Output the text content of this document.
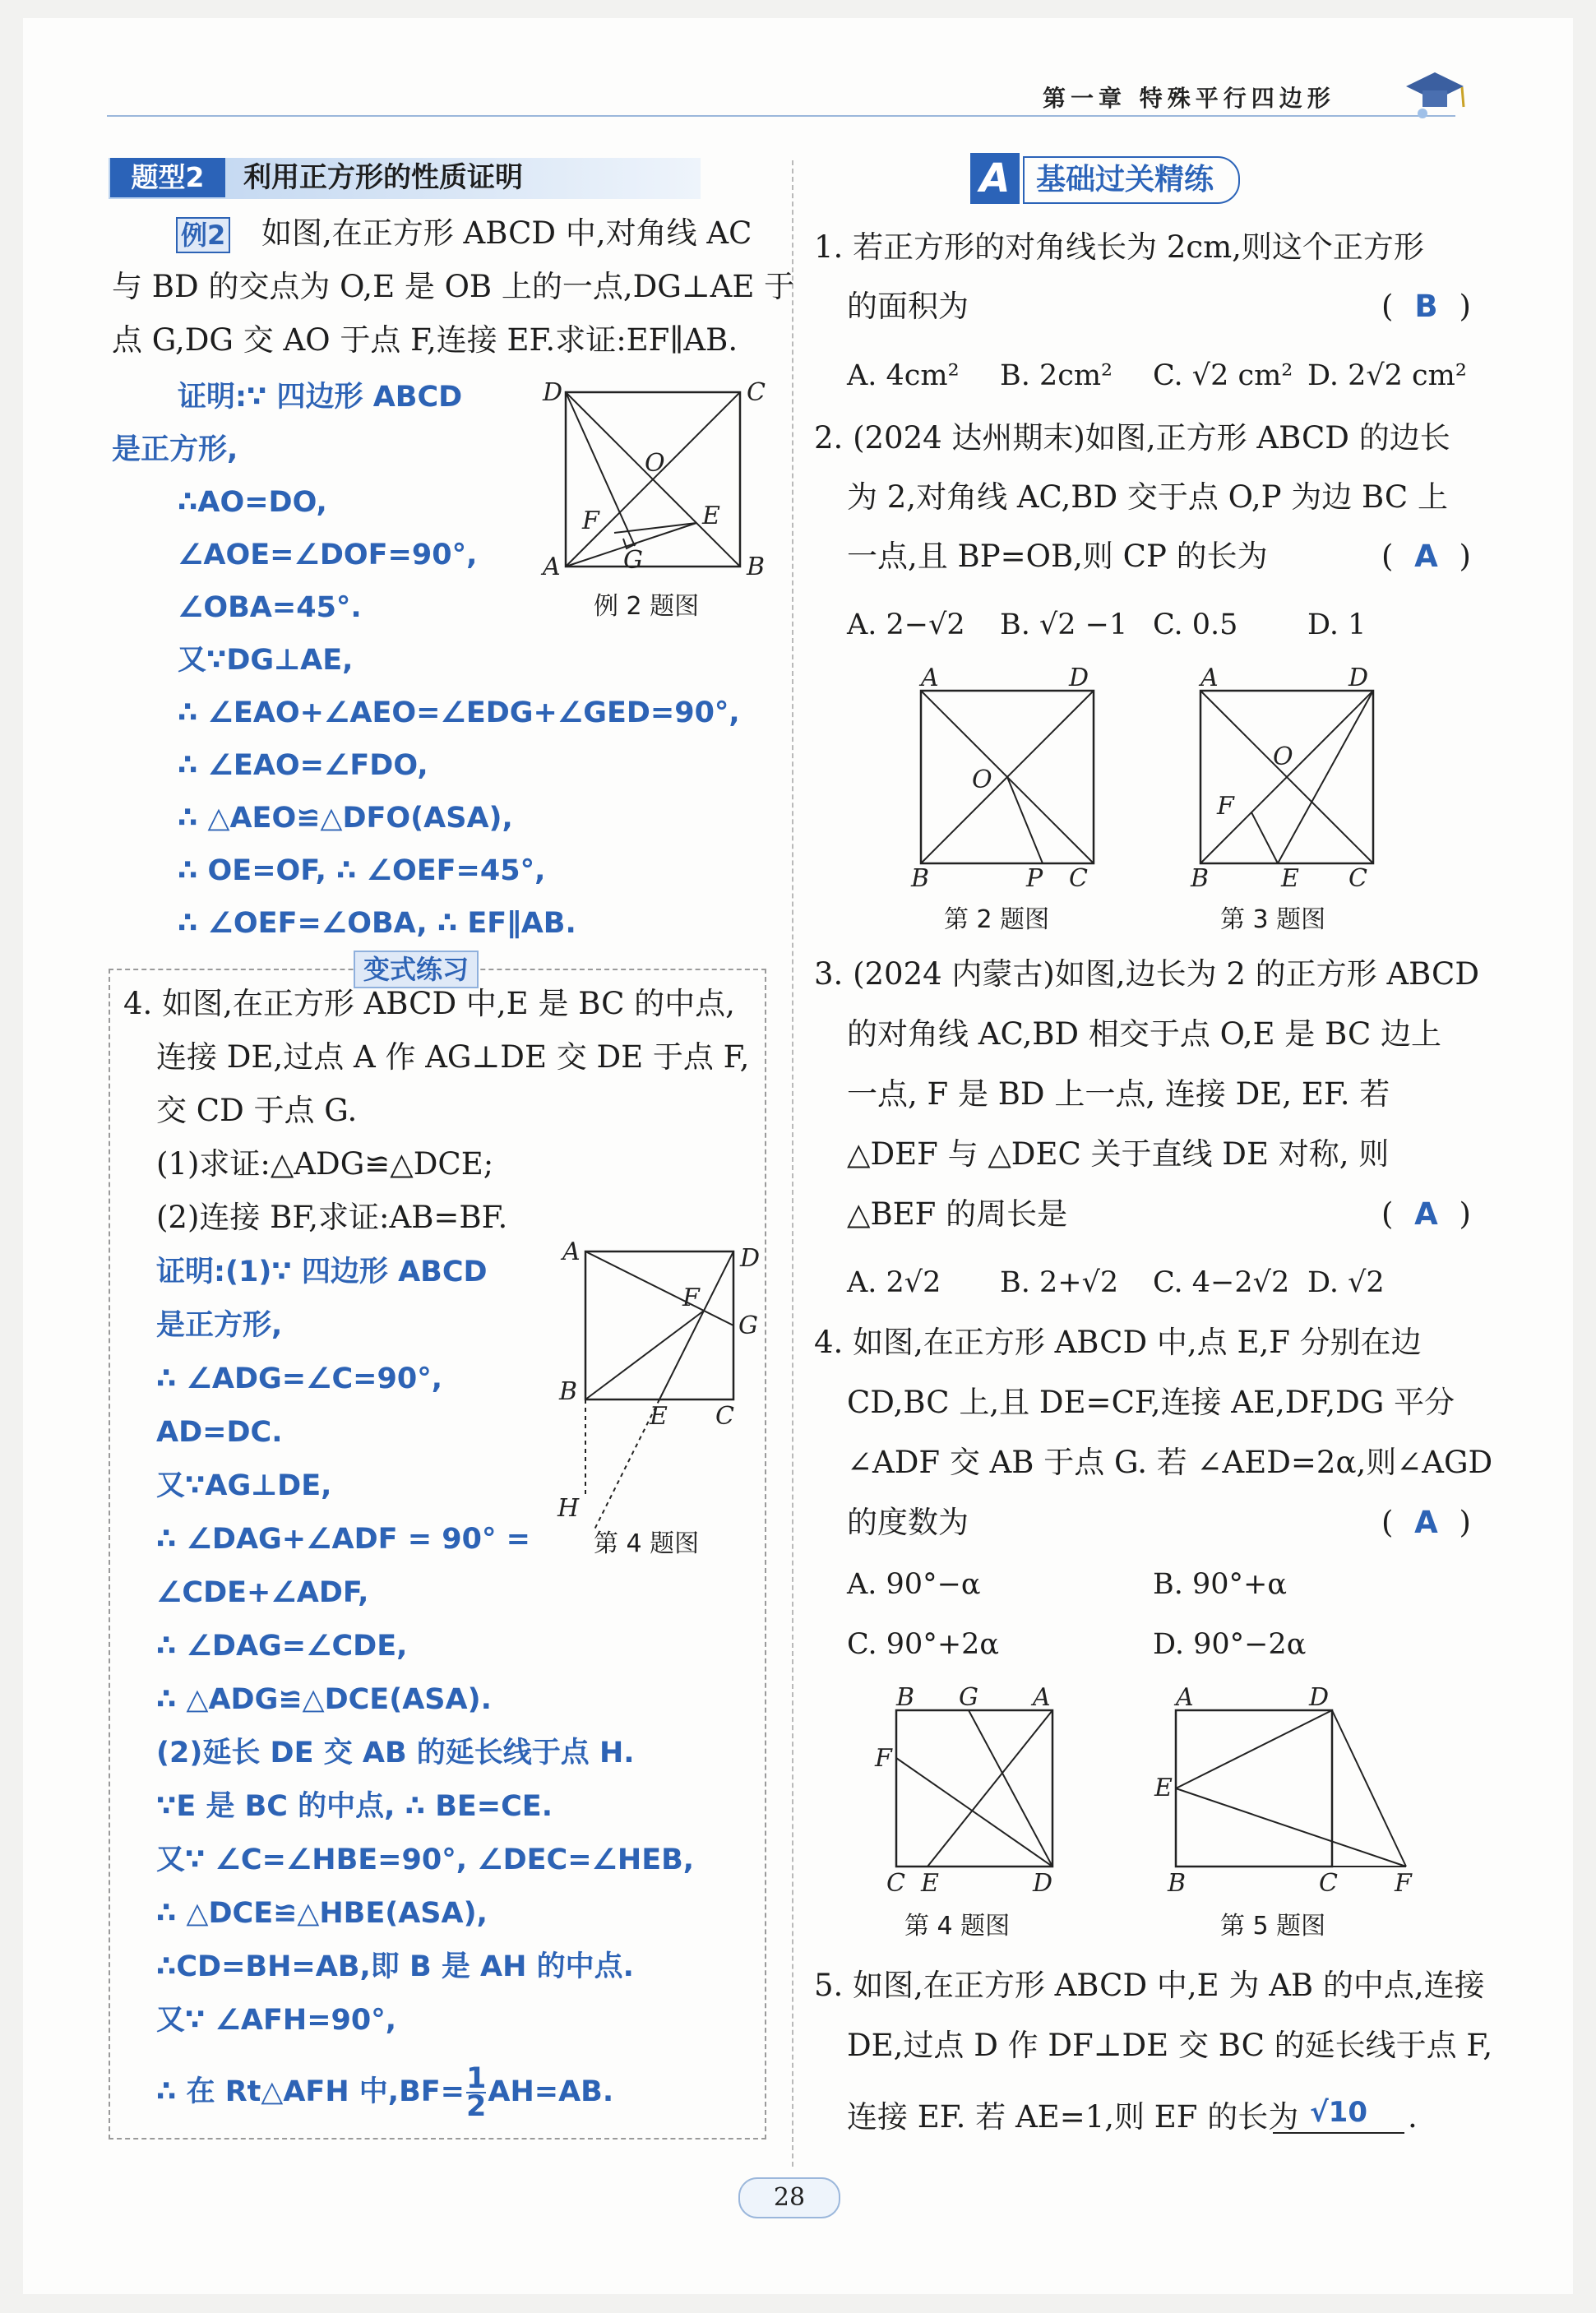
第一章 特殊平行四边形
题型2	利用正方形的性质证明
例2 如图,在正方形 ABCD 中,对角线 AC
与 BD 的交点为 O,E 是 OB 上的一点,DG⊥AE 于
点 G,DG 交 AO 于点 F,连接 EF.求证:EF∥AB.
证明:∵ 四边形 ABCD
是正方形,
∴AO=DO,
∠AOE=∠DOF=90°,
∠OBA=45°.
又∵DG⊥AE,
∴ ∠EAO+∠AEO=∠EDG+∠GED=90°,
∴ ∠EAO=∠FDO,
∴ △AEO≌△DFO(ASA),
∴ OE=OF, ∴ ∠OEF=45°,
∴ ∠OEF=∠OBA, ∴ EF∥AB.
D	C
O
F	E
A	G	B
例 2 题图
变式练习
4. 如图,在正方形 ABCD 中,E 是 BC 的中点,
连接 DE,过点 A 作 AG⊥DE 交 DE 于点 F,
交 CD 于点 G.
(1)求证:△ADG≌△DCE;
(2)连接 BF,求证:AB=BF.
证明:(1)∵ 四边形 ABCD
是正方形,
∴ ∠ADG=∠C=90°,
AD=DC.
又∵AG⊥DE,
∴ ∠DAG+∠ADF = 90° =
∠CDE+∠ADF,
∴ ∠DAG=∠CDE,
∴ △ADG≌△DCE(ASA).
(2)延长 DE 交 AB 的延长线于点 H.
∵E 是 BC 的中点, ∴ BE=CE.
又∵ ∠C=∠HBE=90°, ∠DEC=∠HEB,
∴ △DCE≌△HBE(ASA),
∴CD=BH=AB,即 B 是 AH 的中点.
又∵ ∠AFH=90°,
∴ 在 Rt△AFH 中$,BF= \frac{1}{2} AH=AB$.
A	D
F
G
B
E C
H
第 4 题图
A 基础过关精练
1. 若正方形的对角线长为 2cm,则这个正方形
的面积为	( B )
A. 4cm² B. 2cm² C. √2 cm² D. 2√2 cm²
2. (2024 达州期末)如图,正方形 ABCD 的边长
为 2,对角线 AC,BD 交于点 O,P 为边 BC 上
一点,且 BP=OB,则 CP 的长为	( A )
A. 2−√2 B. √2 −1 C. 0.5 D. 1
A	D
O
B	P C
第 2 题图
A	D
O
F
B	E C
第 3 题图
3. (2024 内蒙古)如图,边长为 2 的正方形 ABCD
的对角线 AC,BD 相交于点 O,E 是 BC 边上
一点, F 是 BD 上一点, 连接 DE, EF. 若
△DEF 与 △DEC 关于直线 DE 对称, 则
△BEF 的周长是	( A )
A. 2√2 B. 2+√2 C. 4−2√2 D. √2
4. 如图,在正方形 ABCD 中,点 E,F 分别在边
CD,BC 上,且 DE=CF,连接 AE,DF,DG 平分
∠ADF 交 AB 于点 G. 若 ∠AED=2α,则∠AGD
的度数为	( A )
A. 90°−α	B. 90°+α
C. 90°+2α	D. 90°−2α
B G A
F
C E	D
第 4 题图
A	D
E
B	C F
第 5 题图
5. 如图,在正方形 ABCD 中,E 为 AB 的中点,连接
DE,过点 D 作 DF⊥DE 交 BC 的延长线于点 F,
连接 EF. 若 AE=1,则 EF 的长为 √10	.
28
